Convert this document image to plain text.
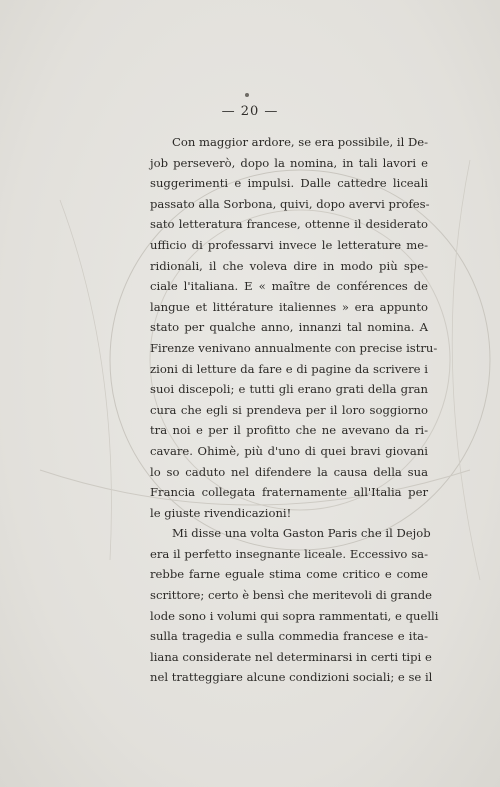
— 20 —
Con maggior ardore, se era possibile, il De-
job perseverò, dopo la nomina, in tali lavori e
suggerimenti e impulsi. Dalle cattedre liceali
passato alla Sorbona, quivi, dopo avervi profes-
sato letteratura francese, ottenne il desiderato
ufficio di professarvi invece le letterature me-
ridionali, il che voleva dire in modo più spe-
ciale l'italiana. E « maître de conférences de
langue et littérature italiennes » era appunto
stato per qualche anno, innanzi tal nomina. A
Firenze venivano annualmente con precise istru-
zioni di letture da fare e di pagine da scrivere i
suoi discepoli; e tutti gli erano grati della gran
cura che egli si prendeva per il loro soggiorno
tra noi e per il profitto che ne avevano da ri-
cavare. Ohimè, più d'uno di quei bravi giovani
lo so caduto nel difendere la causa della sua
Francia collegata fraternamente all'Italia per
le giuste rivendicazioni!
Mi disse una volta Gaston Paris che il Dejob
era il perfetto insegnante liceale. Eccessivo sa-
rebbe farne eguale stima come critico e come
scrittore; certo è bensì che meritevoli di grande
lode sono i volumi qui sopra rammentati, e quelli
sulla tragedia e sulla commedia francese e ita-
liana considerate nel determinarsi in certi tipi e
nel tratteggiare alcune condizioni sociali; e se il
